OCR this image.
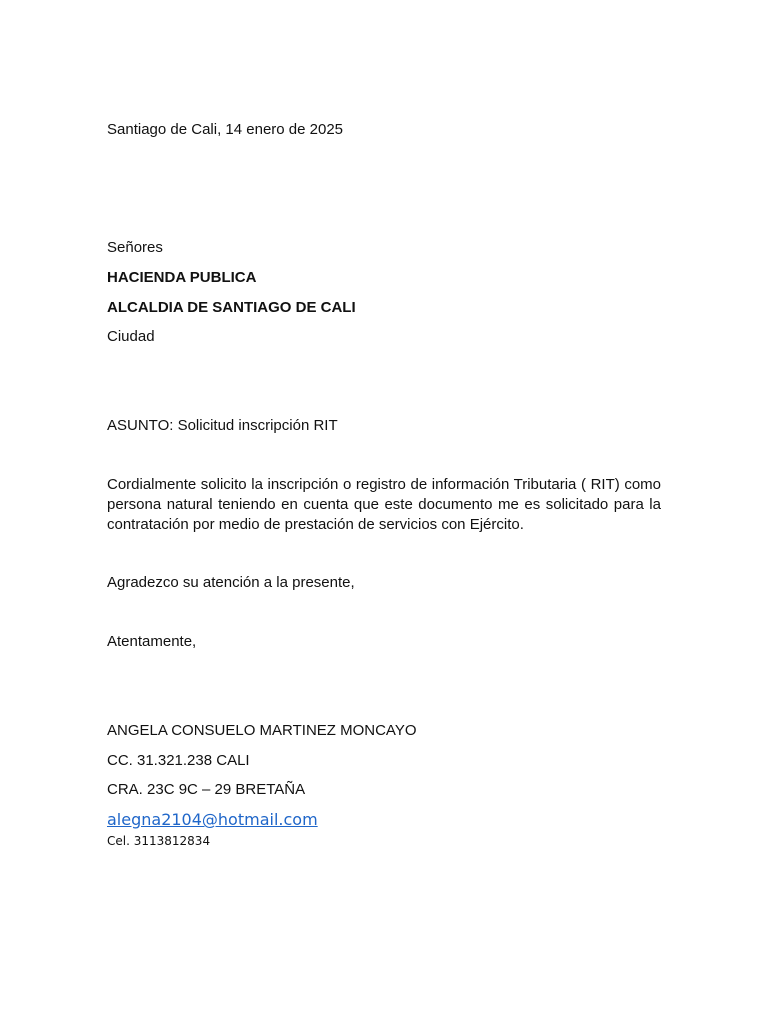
Santiago de Cali, 14 enero de 2025
Señores
HACIENDA PUBLICA
ALCALDIA DE SANTIAGO DE CALI
Ciudad
ASUNTO: Solicitud inscripción RIT
Cordialmente solicito la inscripción o registro de información Tributaria ( RIT) como persona natural teniendo en cuenta que este documento me es solicitado para la contratación por medio de prestación de servicios con Ejército.
Agradezco su atención a la presente,
Atentamente,
ANGELA CONSUELO MARTINEZ MONCAYO
CC. 31.321.238 CALI
CRA. 23C 9C – 29 BRETAÑA
alegna2104@hotmail.com
Cel. 3113812834
